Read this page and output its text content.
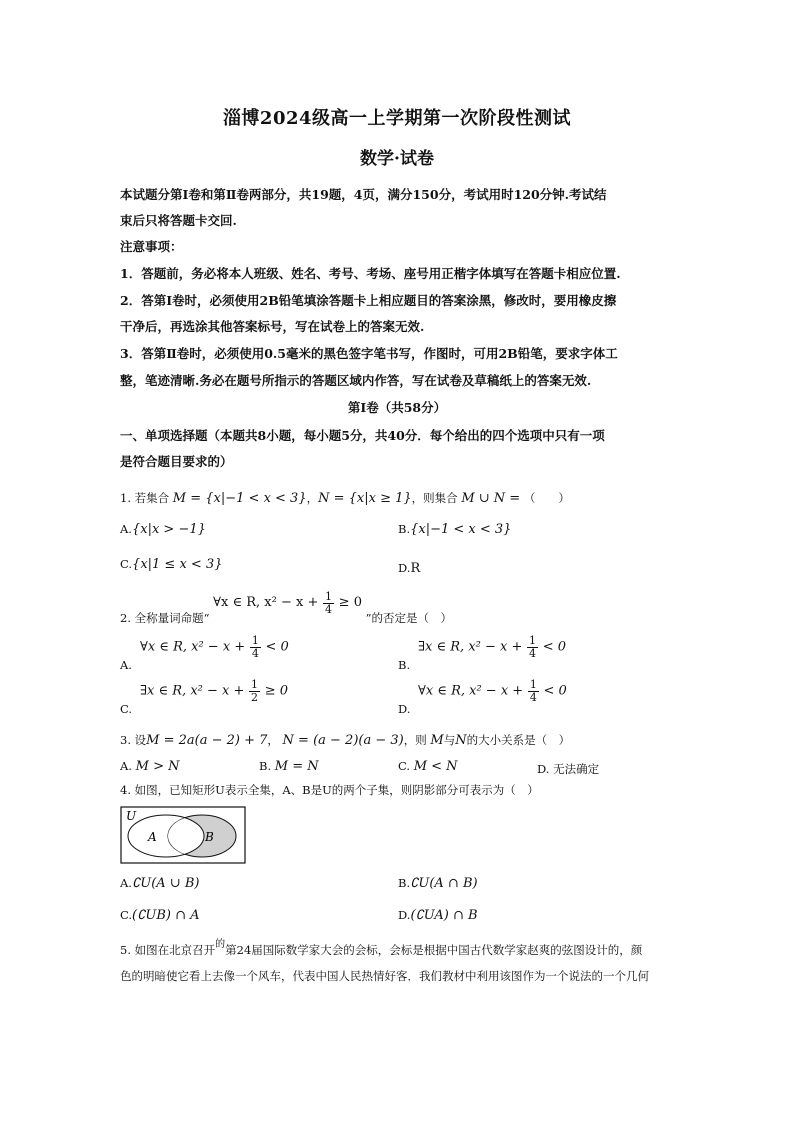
淄博2024级高一上学期第一次阶段性测试
数学·试卷
本试题分第Ⅰ卷和第Ⅱ卷两部分，共19题，4页，满分150分，考试用时120分钟.考试结
束后只将答题卡交回.
注意事项：
1．答题前，务必将本人班级、姓名、考号、考场、座号用正楷字体填写在答题卡相应位置.
2．答第Ⅰ卷时，必须使用2B铅笔填涂答题卡上相应题目的答案涂黑，修改时，要用橡皮擦
干净后，再选涂其他答案标号，写在试卷上的答案无效.
3．答第Ⅱ卷时，必须使用0.5毫米的黑色签字笔书写，作图时，可用2B铅笔，要求字体工
整，笔迹清晰.务必在题号所指示的答题区域内作答，写在试卷及草稿纸上的答案无效.
第Ⅰ卷（共58分）
一、单项选择题（本题共8小题，每小题5分，共40分．每个给出的四个选项中只有一项
是符合题目要求的）
1. 若集合 M = {x|−1 < x < 3}，N = {x|x ≥ 1}，则集合 M ∪ N = （　　）
A.{x|x > −1}	B.{x|−1 < x < 3}
C.{x|1 ≤ x < 3}	D.R
2. 全称量词命题“ ∀x ∈ R, $x^2 - x + \frac{1}{4} \ge 0$ ”的否定是（　）
∀x ∈ R, $x^2 - x + \frac{1}{4} < 0$
A.
∃x ∈ R, $x^2 - x + \frac{1}{4} < 0$
B.
∃x ∈ R, $x^2 - x + \frac{1}{2} \ge 0$
C.
∀x ∈ R, $x^2 - x + \frac{1}{4} < 0$
D.
3. 设M = 2a(a − 2) + 7， N = (a − 2)(a − 3)，则 M与N的大小关系是（　）
A. M > N	B. M = N	C. M < N	D. 无法确定
4. 如图，已知矩形U表示全集，A、B是U的两个子集，则阴影部分可表示为（　）
U
A	B
A.∁U(A ∪ B)	B.∁U(A ∩ B)
C.(∁UB) ∩ A	D.(∁UA) ∩ B
5. 如图在北京召开的第24届国际数学家大会的会标，会标是根据中国古代数学家赵爽的弦图设计的，颜
色的明暗使它看上去像一个风车，代表中国人民热情好客．我们教材中利用该图作为一个说法的一个几何
